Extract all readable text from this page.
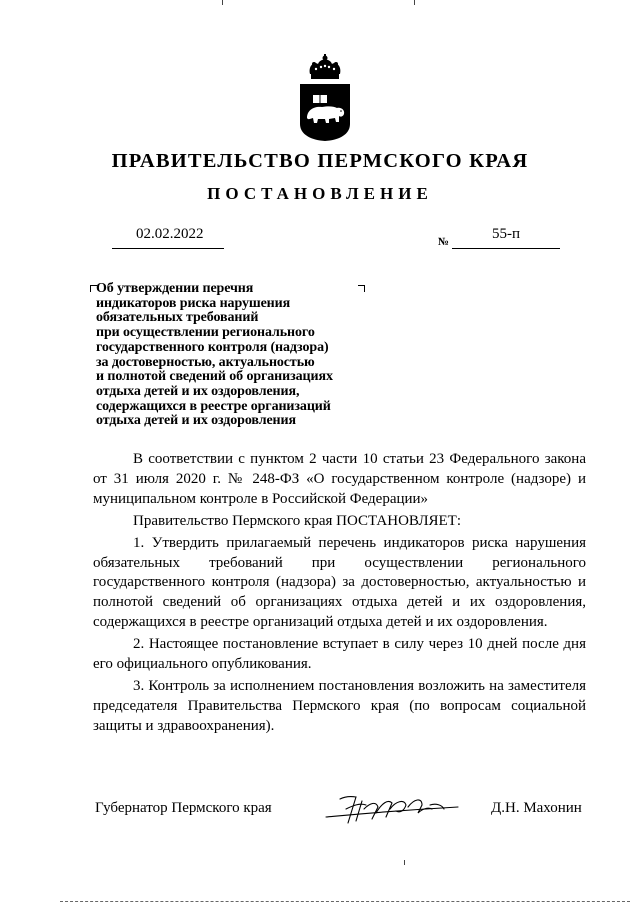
ПРАВИТЕЛЬСТВО ПЕРМСКОГО КРАЯ
ПОСТАНОВЛЕНИЕ
02.02.2022	№	55-п
Об утверждении перечня
индикаторов риска нарушения
обязательных требований
при осуществлении регионального
государственного контроля (надзора)
за достоверностью, актуальностью
и полнотой сведений об организациях
отдыха детей и их оздоровления,
содержащихся в реестре организаций
отдыха детей и их оздоровления

В соответствии с пунктом 2 части 10 статьи 23 Федерального закона от 31 июля 2020 г. № 248-ФЗ «О государственном контроле (надзоре) и муниципальном контроле в Российской Федерации»

Правительство Пермского края ПОСТАНОВЛЯЕТ:

1. Утвердить прилагаемый перечень индикаторов риска нарушения обязательных требований при осуществлении регионального государственного контроля (надзора) за достоверностью, актуальностью и полнотой сведений об организациях отдыха детей и их оздоровления, содержащихся в реестре организаций отдыха детей и их оздоровления.

2. Настоящее постановление вступает в силу через 10 дней после дня его официального опубликования.

3. Контроль за исполнением постановления возложить на заместителя председателя Правительства Пермского края (по вопросам социальной защиты и здравоохранения).

Губернатор Пермского края	Д.Н. Махонин
